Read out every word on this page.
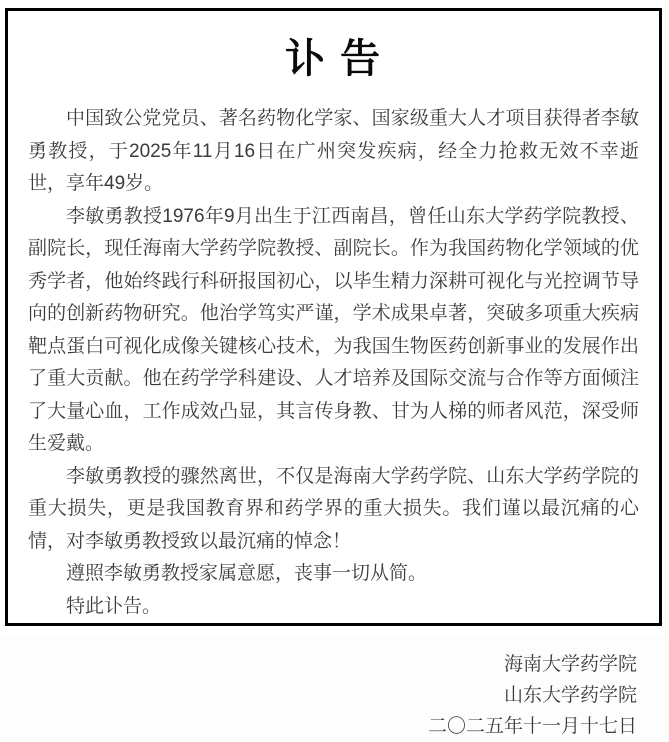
讣 告

中国致公党党员、著名药物化学家、国家级重大人才项目获得者李敏勇教授，于2025年11月16日在广州突发疾病，经全力抢救无效不幸逝世，享年49岁。

李敏勇教授1976年9月出生于江西南昌，曾任山东大学药学院教授、副院长，现任海南大学药学院教授、副院长。作为我国药物化学领域的优秀学者，他始终践行科研报国初心，以毕生精力深耕可视化与光控调节导向的创新药物研究。他治学笃实严谨，学术成果卓著，突破多项重大疾病靶点蛋白可视化成像关键核心技术，为我国生物医药创新事业的发展作出了重大贡献。他在药学学科建设、人才培养及国际交流与合作等方面倾注了大量心血，工作成效凸显，其言传身教、甘为人梯的师者风范，深受师生爱戴。

李敏勇教授的骤然离世，不仅是海南大学药学院、山东大学药学院的重大损失，更是我国教育界和药学界的重大损失。我们谨以最沉痛的心情，对李敏勇教授致以最沉痛的悼念！

遵照李敏勇教授家属意愿，丧事一切从简。

特此讣告。

海南大学药学院
山东大学药学院
二〇二五年十一月十七日
